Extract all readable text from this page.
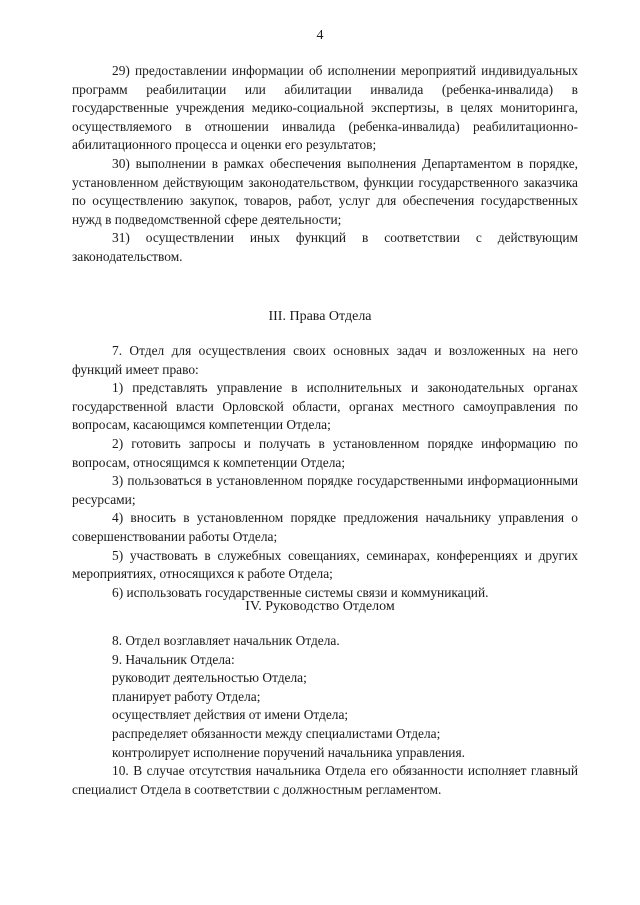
4

29) предоставлении информации об исполнении мероприятий индивидуальных программ реабилитации или абилитации инвалида (ребенка-инвалида) в государственные учреждения медико-социальной экспертизы, в целях мониторинга, осуществляемого в отношении инвалида (ребенка-инвалида) реабилитационно-абилитационного процесса и оценки его результатов;

30) выполнении в рамках обеспечения выполнения Департаментом в порядке, установленном действующим законодательством, функции государственного заказчика по осуществлению закупок, товаров, работ, услуг для обеспечения государственных нужд в подведомственной сфере деятельности;

31) осуществлении иных функций в соответствии с действующим законодательством.

III. Права Отдела

7. Отдел для осуществления своих основных задач и возложенных на него функций имеет право:

1) представлять управление в исполнительных и законодательных органах государственной власти Орловской области, органах местного самоуправления по вопросам, касающимся компетенции Отдела;

2) готовить запросы и получать в установленном порядке информацию по вопросам, относящимся к компетенции Отдела;

3) пользоваться в установленном порядке государственными информационными ресурсами;

4) вносить в установленном порядке предложения начальнику управления о совершенствовании работы Отдела;

5) участвовать в служебных совещаниях, семинарах, конференциях и других мероприятиях, относящихся к работе Отдела;

6) использовать государственные системы связи и коммуникаций.

IV. Руководство Отделом

8. Отдел возглавляет начальник Отдела.

9. Начальник Отдела:

руководит деятельностью Отдела;

планирует работу Отдела;

осуществляет действия от имени Отдела;

распределяет обязанности между специалистами Отдела;

контролирует исполнение поручений начальника управления.

10. В случае отсутствия начальника Отдела его обязанности исполняет главный специалист Отдела в соответствии с должностным регламентом.
